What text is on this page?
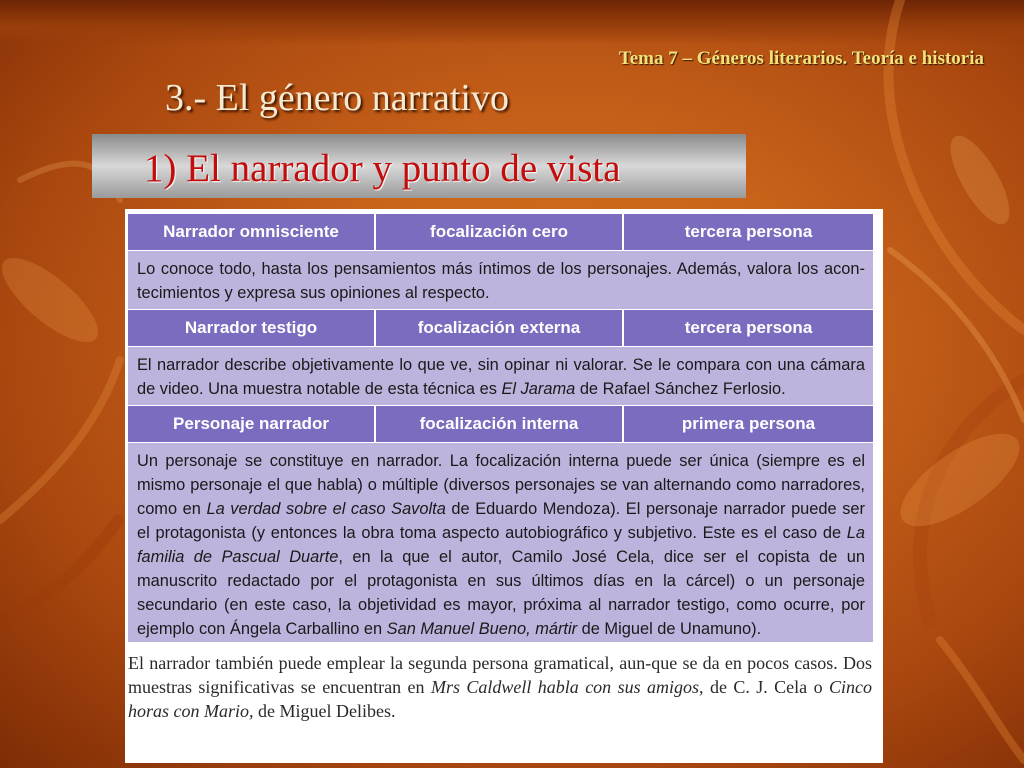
Tema 7 – Géneros literarios. Teoría e historia
3.- El género narrativo
1) El narrador y punto de vista
Narrador omnisciente	focalización cero	tercera persona
Lo conoce todo, hasta los pensamientos más íntimos de los personajes. Además, valora los acon-tecimientos y expresa sus opiniones al respecto.
Narrador testigo	focalización externa	tercera persona
El narrador describe objetivamente lo que ve, sin opinar ni valorar. Se le compara con una cámara de video. Una muestra notable de esta técnica es El Jarama de Rafael Sánchez Ferlosio.
Personaje narrador	focalización interna	primera persona
Un personaje se constituye en narrador. La focalización interna puede ser única (siempre es el mismo personaje el que habla) o múltiple (diversos personajes se van alternando como narradores, como en La verdad sobre el caso Savolta de Eduardo Mendoza). El personaje narrador puede ser el protagonista (y entonces la obra toma aspecto autobiográfico y subjetivo. Este es el caso de La familia de Pascual Duarte, en la que el autor, Camilo José Cela, dice ser el copista de un manuscrito redactado por el protagonista en sus últimos días en la cárcel) o un personaje secundario (en este caso, la objetividad es mayor, próxima al narrador testigo, como ocurre, por ejemplo con Ángela Carballino en San Manuel Bueno, mártir de Miguel de Unamuno).
El narrador también puede emplear la segunda persona gramatical, aun-que se da en pocos casos. Dos muestras significativas se encuentran en Mrs Caldwell habla con sus amigos, de C. J. Cela o Cinco horas con Mario, de Miguel Delibes.
